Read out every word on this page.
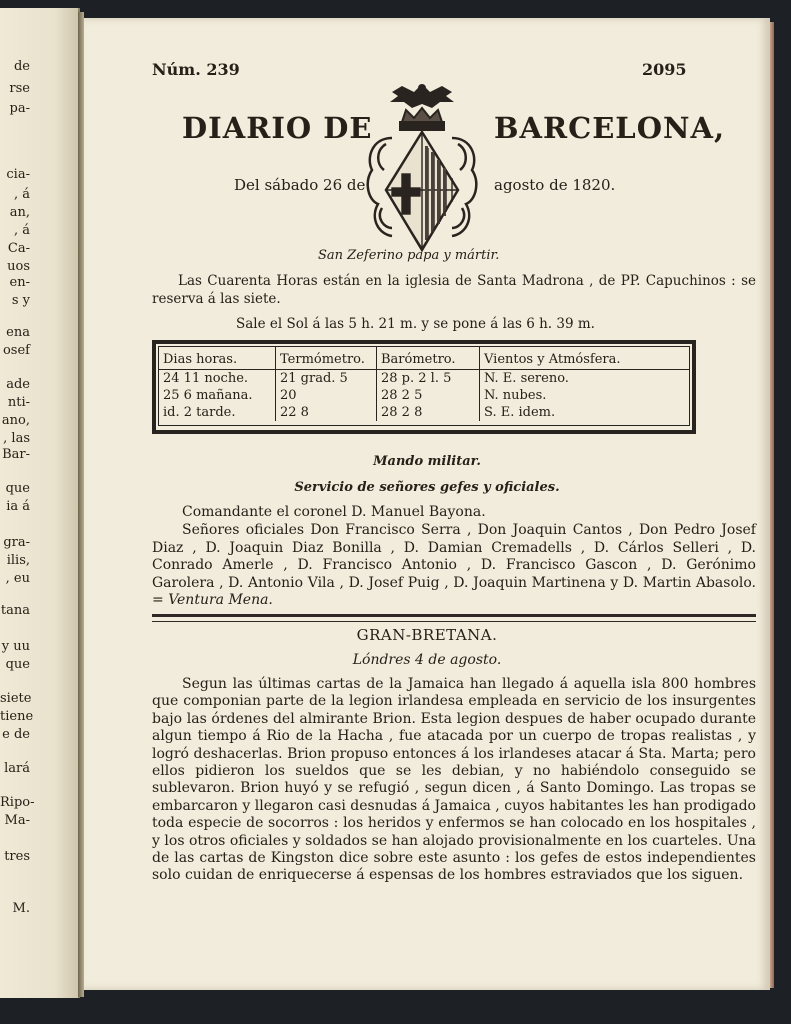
de
rse
pa-
cia-
, á
an,
, á
Ca-
uos
en-
s y
ena
osef
ade
nti-
ano,
, las
Bar-
que
ia á
gra-
ilis,
, eu
tana
y uu
que
siete
tiene
e de
lará
Ripo-
Ma-
tres
M.
Núm. 239	2095
DIARIO DE	BARCELONA,
Del sábado 26 de	agosto de 1820.
San Zeferino papa y mártir.
Las Cuarenta Horas están en la iglesia de Santa Madrona , de PP. Capuchinos : se reserva á las siete.
Sale el Sol á las 5 h. 21 m. y se pone á las 6 h. 39 m.
Dias horas.	Termómetro.	Barómetro.	Vientos y Atmósfera.
24 11 noche.	21 grad. 5	28 p. 2 l. 5	N. E. sereno.
25 6 mañana.	20	28 2 5	N. nubes.
id. 2 tarde.	22 8	28 2 8	S. E. idem.
Mando militar.
Servicio de señores gefes y oficiales.
Comandante el coronel D. Manuel Bayona.
Señores oficiales Don Francisco Serra , Don Joaquin Cantos , Don Pedro Josef Diaz , D. Joaquin Diaz Bonilla , D. Damian Cremadells , D. Cárlos Selleri , D. Conrado Amerle , D. Francisco Antonio , D. Francisco Gascon , D. Gerónimo Garolera , D. Antonio Vila , D. Josef Puig , D. Joaquin Martinena y D. Martin Abasolo. = Ventura Mena.
GRAN-BRETANA.
Lóndres 4 de agosto.
Segun las últimas cartas de la Jamaica han llegado á aquella isla 800 hombres que componian parte de la legion irlandesa empleada en servicio de los insurgentes bajo las órdenes del almirante Brion. Esta legion despues de haber ocupado durante algun tiempo á Rio de la Hacha , fue atacada por un cuerpo de tropas realistas , y logró deshacerlas. Brion propuso entonces á los irlandeses atacar á Sta. Marta; pero ellos pidieron los sueldos que se les debian, y no habiéndolo conseguido se sublevaron. Brion huyó y se refugió , segun dicen , á Santo Domingo. Las tropas se embarcaron y llegaron casi desnudas á Jamaica , cuyos habitantes les han prodigado toda especie de socorros : los heridos y enfermos se han colocado en los hospitales , y los otros oficiales y soldados se han alojado provisionalmente en los cuarteles. Una de las cartas de Kingston dice sobre este asunto : los gefes de estos independientes solo cuidan de enriquecerse á espensas de los hombres estraviados que los siguen.
